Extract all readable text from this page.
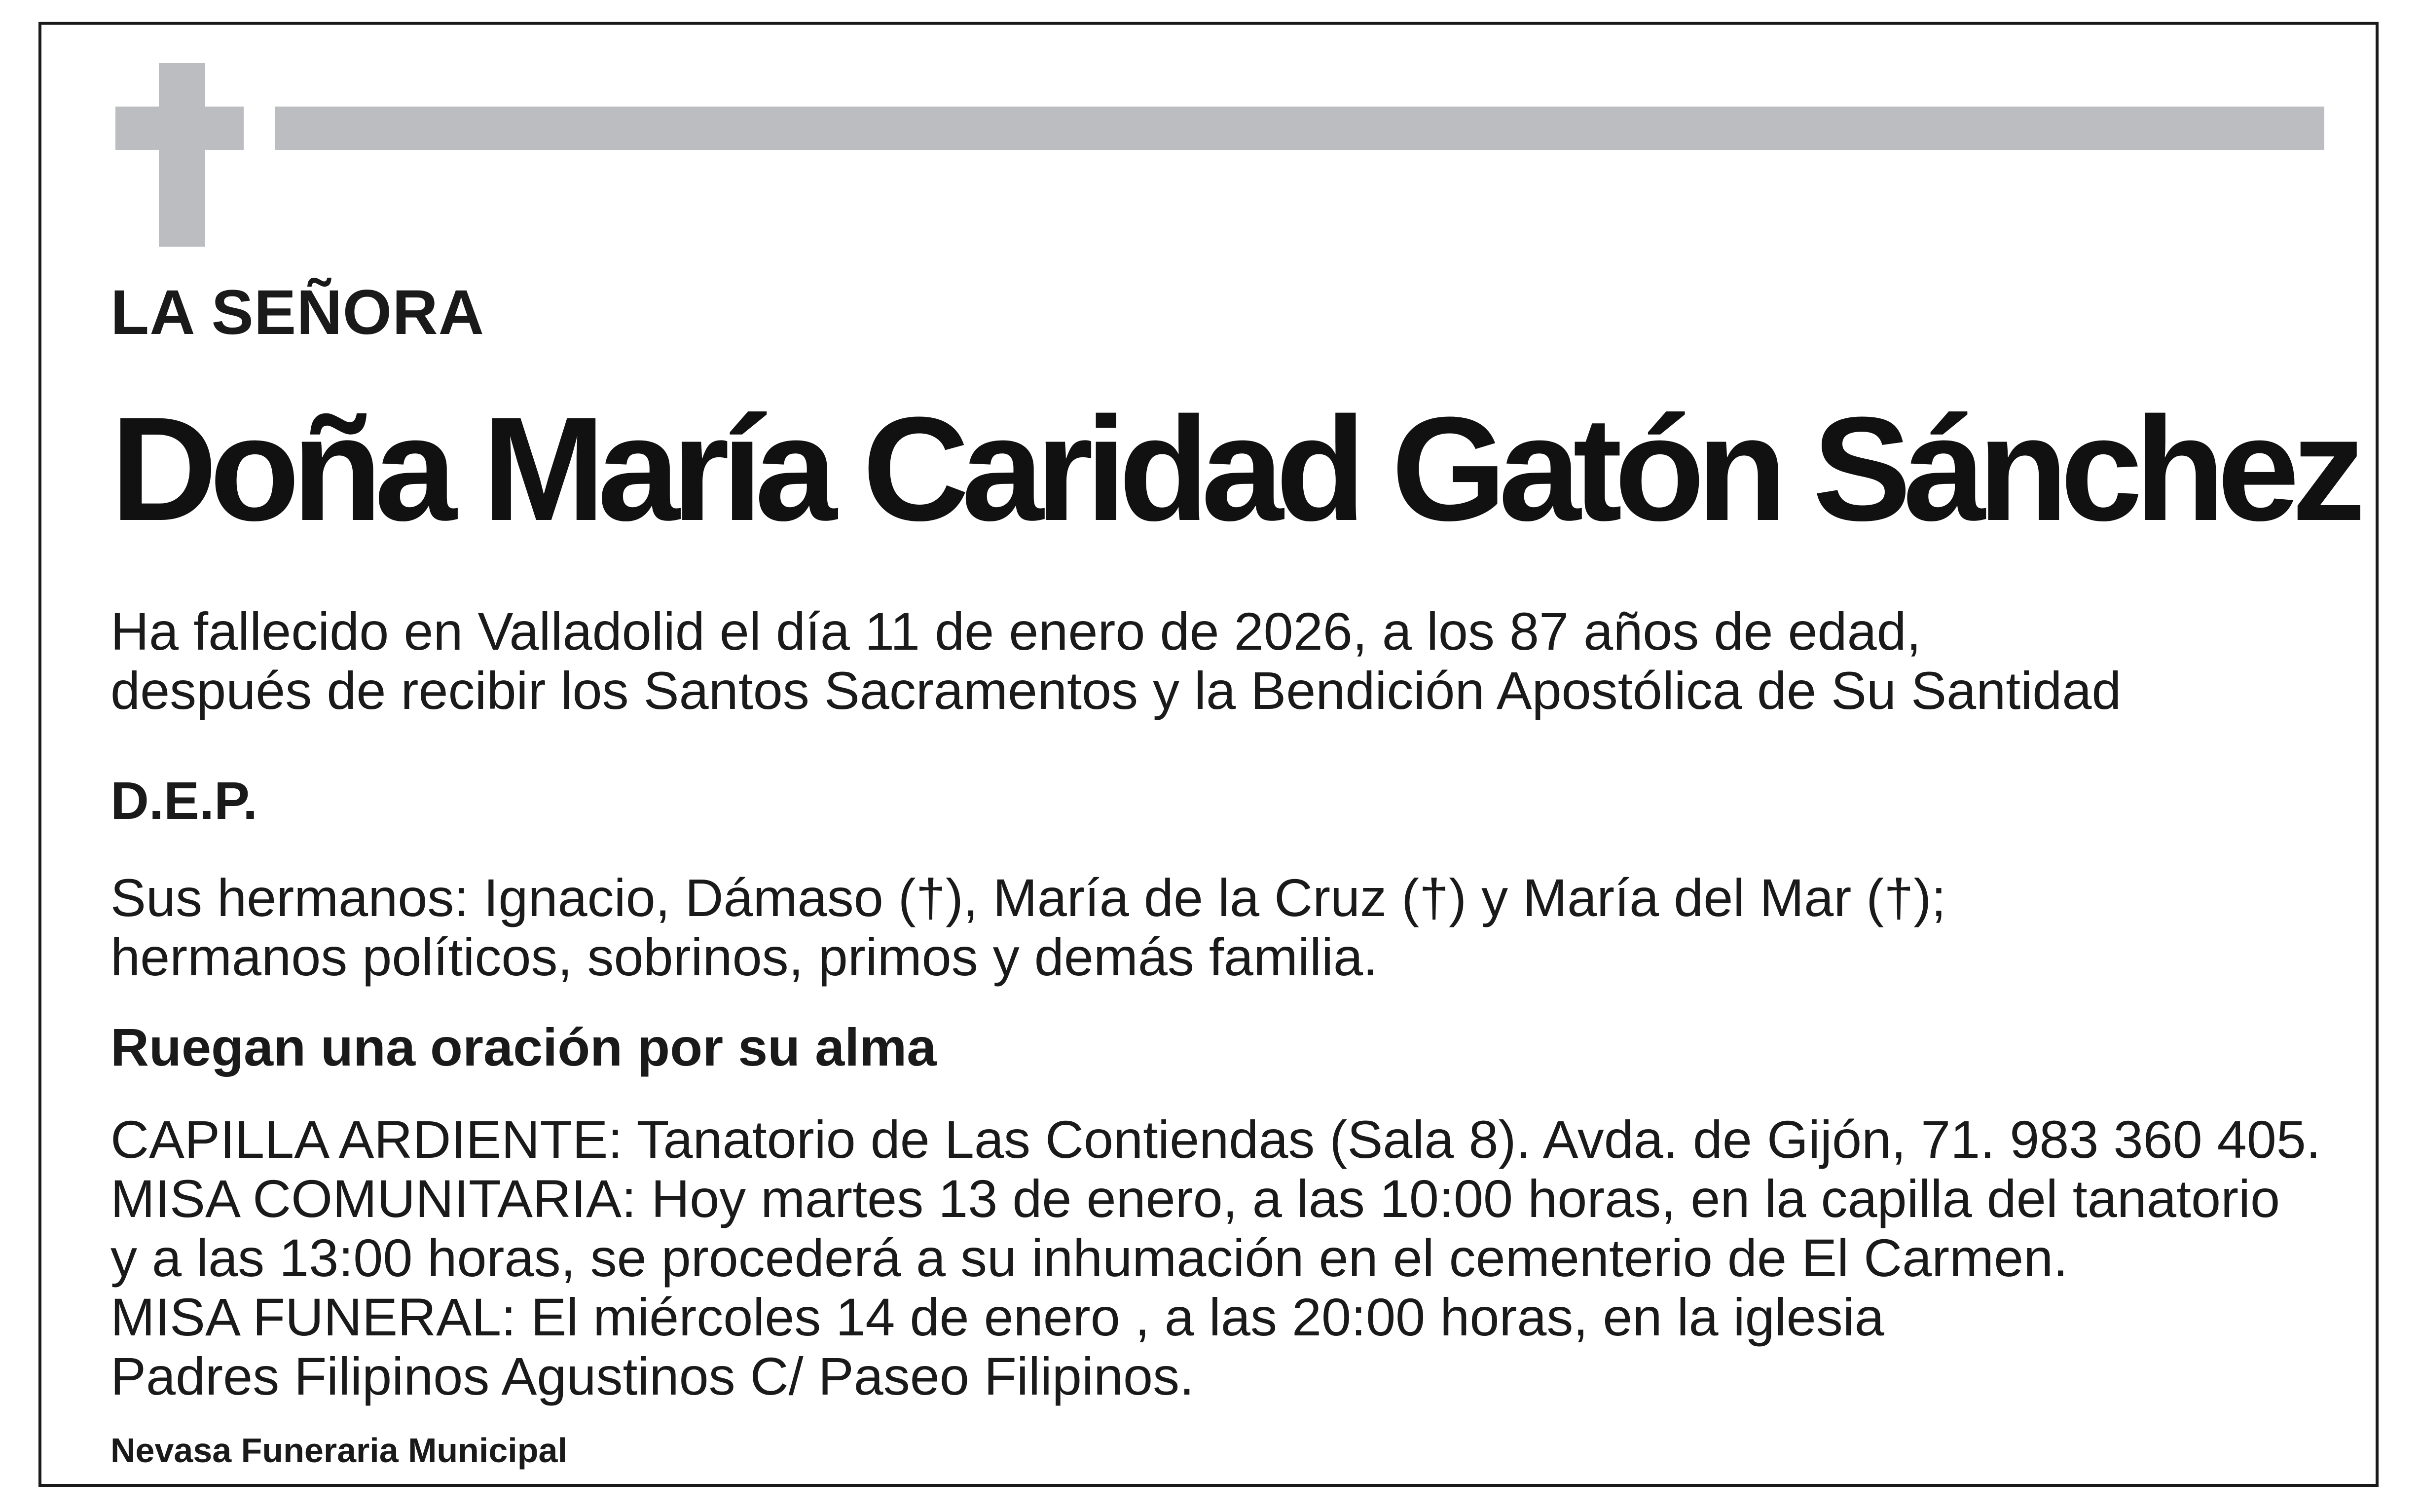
LA SEÑORA

Doña María Caridad Gatón Sánchez

Ha fallecido en Valladolid el día 11 de enero de 2026, a los 87 años de edad,
después de recibir los Santos Sacramentos y la Bendición Apostólica de Su Santidad

D.E.P.

Sus hermanos: Ignacio, Dámaso (†), María de la Cruz (†) y María del Mar (†);
hermanos políticos, sobrinos, primos y demás familia.

Ruegan una oración por su alma

CAPILLA ARDIENTE: Tanatorio de Las Contiendas (Sala 8). Avda. de Gijón, 71. 983 360 405.
MISA COMUNITARIA: Hoy martes 13 de enero, a las 10:00 horas, en la capilla del tanatorio
y a las 13:00 horas, se procederá a su inhumación en el cementerio de El Carmen.
MISA FUNERAL: El miércoles 14 de enero , a las 20:00 horas, en la iglesia
Padres Filipinos Agustinos C/ Paseo Filipinos.

Nevasa Funeraria Municipal
